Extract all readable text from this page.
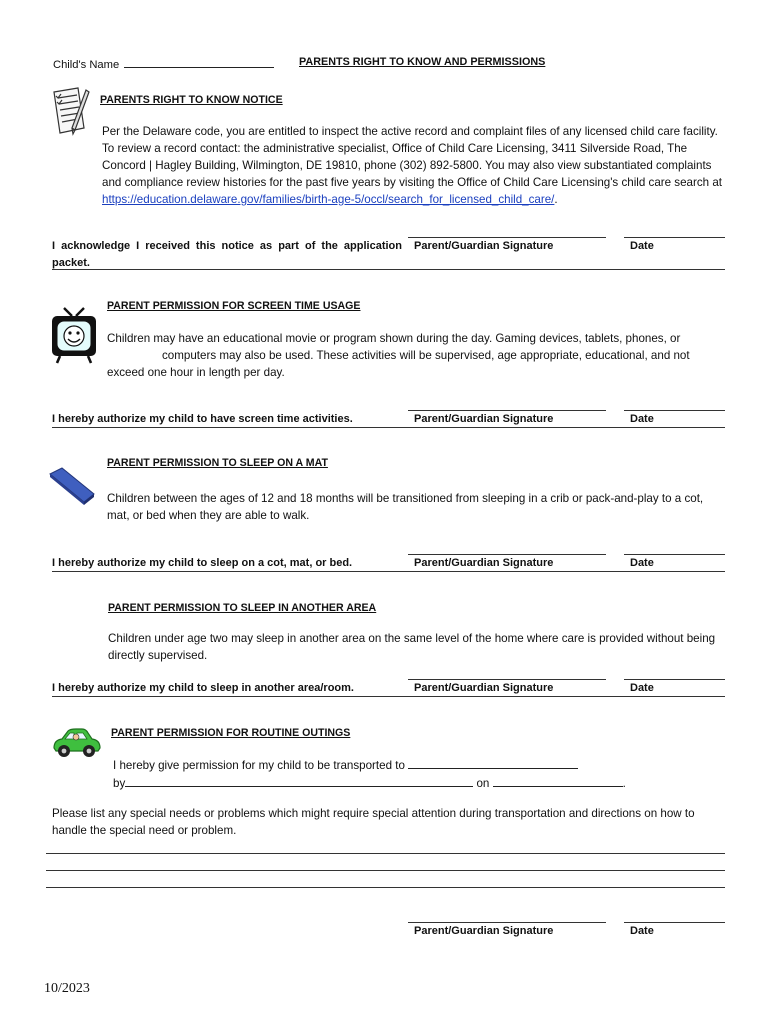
Child's Name	PARENTS RIGHT TO KNOW AND PERMISSIONS
PARENTS RIGHT TO KNOW NOTICE
Per the Delaware code, you are entitled to inspect the active record and complaint files of any licensed child care facility. To review a record contact: the administrative specialist, Office of Child Care Licensing, 3411 Silverside Road, The Concord | Hagley Building, Wilmington, DE 19810, phone (302) 892-5800. You may also view substantiated complaints and compliance review histories for the past five years by visiting the Office of Child Care Licensing's child care search at https://education.delaware.gov/families/birth-age-5/occl/search_for_licensed_child_care/.
I acknowledge I received this notice as part of the application packet.
Parent/Guardian Signature	Date
PARENT PERMISSION FOR SCREEN TIME USAGE
Children may have an educational movie or program shown during the day. Gaming devices, tablets, phones, or
computers may also be used. These activities will be supervised, age appropriate, educational, and not
exceed one hour in length per day.
I hereby authorize my child to have screen time activities.	Parent/Guardian Signature	Date
PARENT PERMISSION TO SLEEP ON A MAT
Children between the ages of 12 and 18 months will be transitioned from sleeping in a crib or pack-and-play to a cot, mat, or bed when they are able to walk.
I hereby authorize my child to sleep on a cot, mat, or bed.	Parent/Guardian Signature	Date
PARENT PERMISSION TO SLEEP IN ANOTHER AREA
Children under age two may sleep in another area on the same level of the home where care is provided without being directly supervised.
I hereby authorize my child to sleep in another area/room.	Parent/Guardian Signature	Date
PARENT PERMISSION FOR ROUTINE OUTINGS
I hereby give permission for my child to be transported to
by	on	.
Please list any special needs or problems which might require special attention during transportation and directions on how to handle the special need or problem.
Parent/Guardian Signature	Date
10/2023
